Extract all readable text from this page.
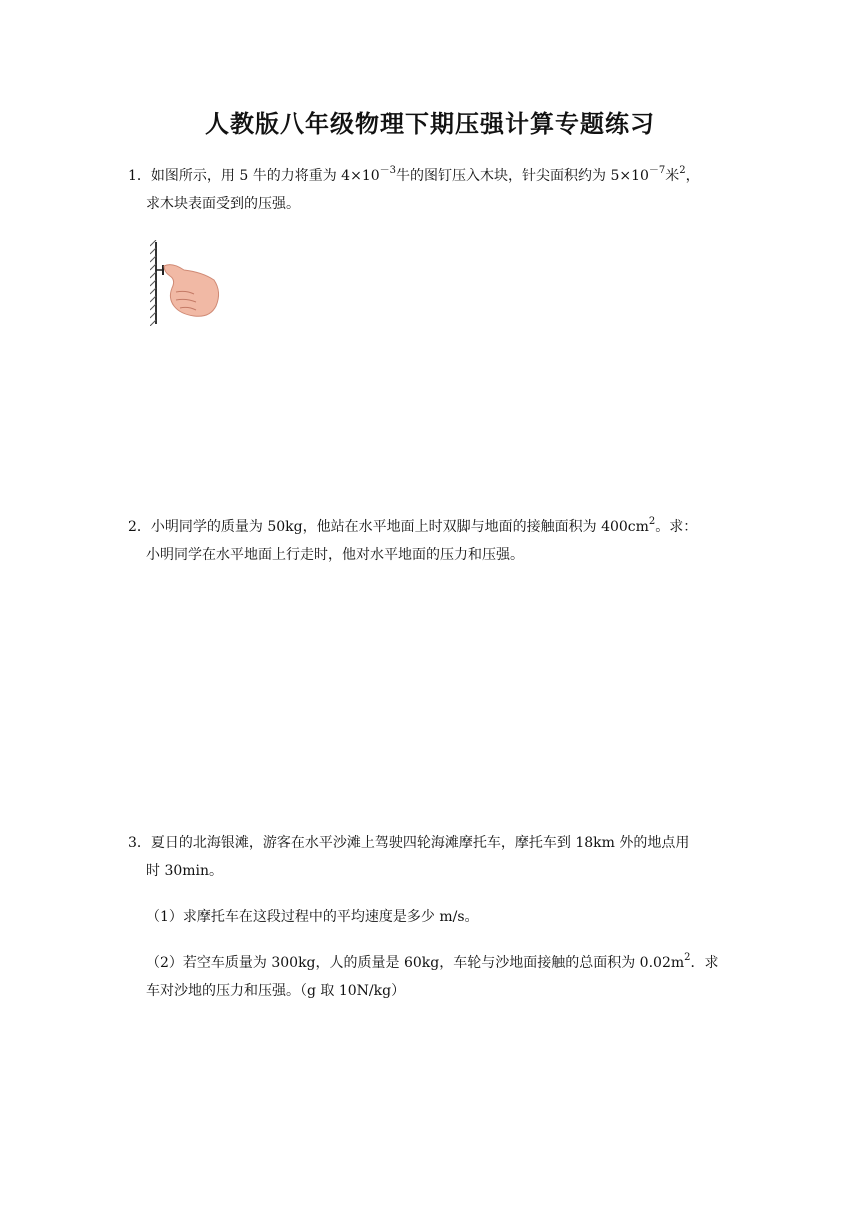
人教版八年级物理下期压强计算专题练习

1．如图所示，用 5 牛的力将重为 $4\times 10^{-3}$牛的图钉压入木块，针尖面积约为 $5\times 10^{-7}$米$^2$，

求木块表面受到的压强。

2．小明同学的质量为 50kg，他站在水平地面上时双脚与地面的接触面积为 $400cm^2$。求：

小明同学在水平地面上行走时，他对水平地面的压力和压强。

3．夏日的北海银滩，游客在水平沙滩上驾驶四轮海滩摩托车，摩托车到 18km 外的地点用

时 30min。

（1）求摩托车在这段过程中的平均速度是多少 m/s。

（2）若空车质量为 300kg，人的质量是 60kg，车轮与沙地面接触的总面积为 $0.02m^2$．求

车对沙地的压力和压强。（g 取 10N/kg）
